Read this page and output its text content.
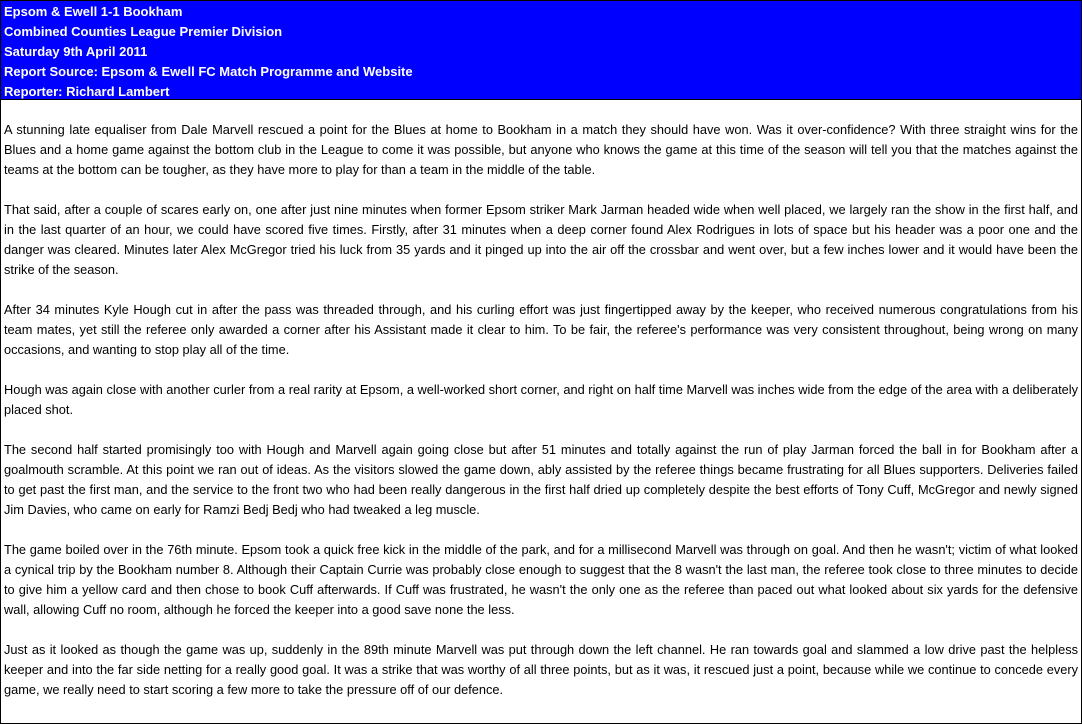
Epsom & Ewell 1-1 Bookham
Combined Counties League Premier Division
Saturday 9th April 2011
Report Source: Epsom & Ewell FC Match Programme and Website
Reporter: Richard Lambert

A stunning late equaliser from Dale Marvell rescued a point for the Blues at home to Bookham in a match they should have won. Was it over-confidence? With three straight wins for the Blues and a home game against the bottom club in the League to come it was possible, but anyone who knows the game at this time of the season will tell you that the matches against the teams at the bottom can be tougher, as they have more to play for than a team in the middle of the table.

That said, after a couple of scares early on, one after just nine minutes when former Epsom striker Mark Jarman headed wide when well placed, we largely ran the show in the first half, and in the last quarter of an hour, we could have scored five times. Firstly, after 31 minutes when a deep corner found Alex Rodrigues in lots of space but his header was a poor one and the danger was cleared. Minutes later Alex McGregor tried his luck from 35 yards and it pinged up into the air off the crossbar and went over, but a few inches lower and it would have been the strike of the season.

After 34 minutes Kyle Hough cut in after the pass was threaded through, and his curling effort was just fingertipped away by the keeper, who received numerous congratulations from his team mates, yet still the referee only awarded a corner after his Assistant made it clear to him. To be fair, the referee's performance was very consistent throughout, being wrong on many occasions, and wanting to stop play all of the time.

Hough was again close with another curler from a real rarity at Epsom, a well-worked short corner, and right on half time Marvell was inches wide from the edge of the area with a deliberately placed shot.

The second half started promisingly too with Hough and Marvell again going close but after 51 minutes and totally against the run of play Jarman forced the ball in for Bookham after a goalmouth scramble. At this point we ran out of ideas. As the visitors slowed the game down, ably assisted by the referee things became frustrating for all Blues supporters. Deliveries failed to get past the first man, and the service to the front two who had been really dangerous in the first half dried up completely despite the best efforts of Tony Cuff, McGregor and newly signed Jim Davies, who came on early for Ramzi Bedj Bedj who had tweaked a leg muscle.

The game boiled over in the 76th minute. Epsom took a quick free kick in the middle of the park, and for a millisecond Marvell was through on goal. And then he wasn't; victim of what looked a cynical trip by the Bookham number 8. Although their Captain Currie was probably close enough to suggest that the 8 wasn't the last man, the referee took close to three minutes to decide to give him a yellow card and then chose to book Cuff afterwards. If Cuff was frustrated, he wasn't the only one as the referee than paced out what looked about six yards for the defensive wall, allowing Cuff no room, although he forced the keeper into a good save none the less.

Just as it looked as though the game was up, suddenly in the 89th minute Marvell was put through down the left channel. He ran towards goal and slammed a low drive past the helpless keeper and into the far side netting for a really good goal. It was a strike that was worthy of all three points, but as it was, it rescued just a point, because while we continue to concede every game, we really need to start scoring a few more to take the pressure off of our defence.
